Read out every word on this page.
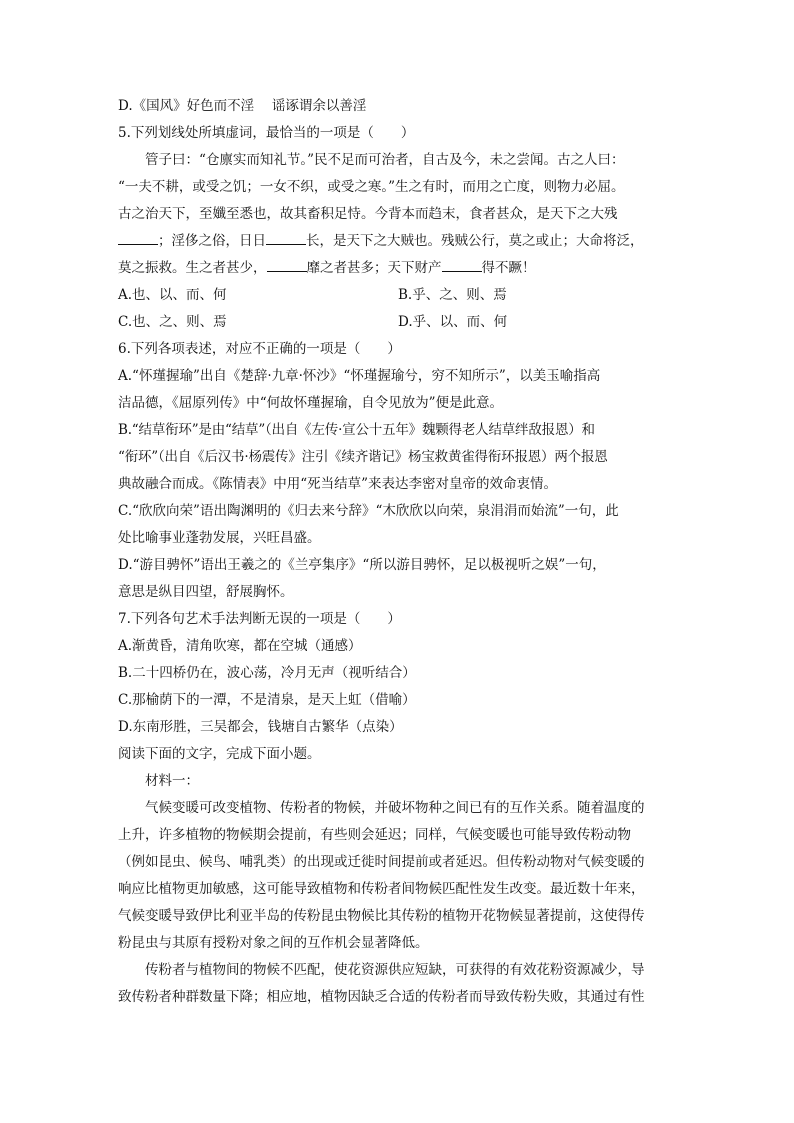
D.《国风》好色而不淫　 谣诼谓余以善淫
5.下列划线处所填虚词，最恰当的一项是（　　）
管子曰：“仓廪实而知礼节。”民不足而可治者，自古及今，未之尝闻。古之人曰：
“一夫不耕，或受之饥；一女不织，或受之寒。”生之有时，而用之亡度，则物力必屈。
古之治天下，至孅至悉也，故其畜积足恃。今背本而趋末，食者甚众，是天下之大残
；淫侈之俗，日日	长，是天下之大贼也。残贼公行，莫之或止；大命将泛，
莫之振救。生之者甚少，	靡之者甚多；天下财产	得不蹶！
A.也、以、而、何	B.乎、之、则、焉
C.也、之、则、焉	D.乎、以、而、何
6.下列各项表述，对应不正确的一项是（　　）
A.“怀瑾握瑜”出自《楚辞·九章·怀沙》“怀瑾握瑜兮，穷不知所示”，以美玉喻指高
洁品德，《屈原列传》中“何故怀瑾握瑜，自令见放为”便是此意。
B.“结草衔环”是由“结草”（出自《左传·宣公十五年》魏颗得老人结草绊敌报恩）和
“衔环”（出自《后汉书·杨震传》注引《续齐谐记》杨宝救黄雀得衔环报恩）两个报恩
典故融合而成。《陈情表》中用“死当结草”来表达李密对皇帝的效命衷情。
C.“欣欣向荣”语出陶渊明的《归去来兮辞》“木欣欣以向荣，泉涓涓而始流”一句，此
处比喻事业蓬勃发展，兴旺昌盛。
D.“游目骋怀”语出王羲之的《兰亭集序》“所以游目骋怀，足以极视听之娱”一句，
意思是纵目四望，舒展胸怀。
7.下列各句艺术手法判断无误的一项是（　　）
A.渐黄昏，清角吹寒，都在空城（通感）
B.二十四桥仍在，波心荡，冷月无声（视听结合）
C.那榆荫下的一潭，不是清泉，是天上虹（借喻）
D.东南形胜，三吴都会，钱塘自古繁华（点染）
阅读下面的文字，完成下面小题。
材料一：
气候变暖可改变植物、传粉者的物候，并破坏物种之间已有的互作关系。随着温度的
上升，许多植物的物候期会提前，有些则会延迟；同样，气候变暖也可能导致传粉动物
（例如昆虫、候鸟、哺乳类）的出现或迁徙时间提前或者延迟。但传粉动物对气候变暖的
响应比植物更加敏感，这可能导致植物和传粉者间物候匹配性发生改变。最近数十年来，
气候变暖导致伊比利亚半岛的传粉昆虫物候比其传粉的植物开花物候显著提前，这使得传
粉昆虫与其原有授粉对象之间的互作机会显著降低。
传粉者与植物间的物候不匹配，使花资源供应短缺，可获得的有效花粉资源减少，导
致传粉者种群数量下降；相应地，植物因缺乏合适的传粉者而导致传粉失败，其通过有性
